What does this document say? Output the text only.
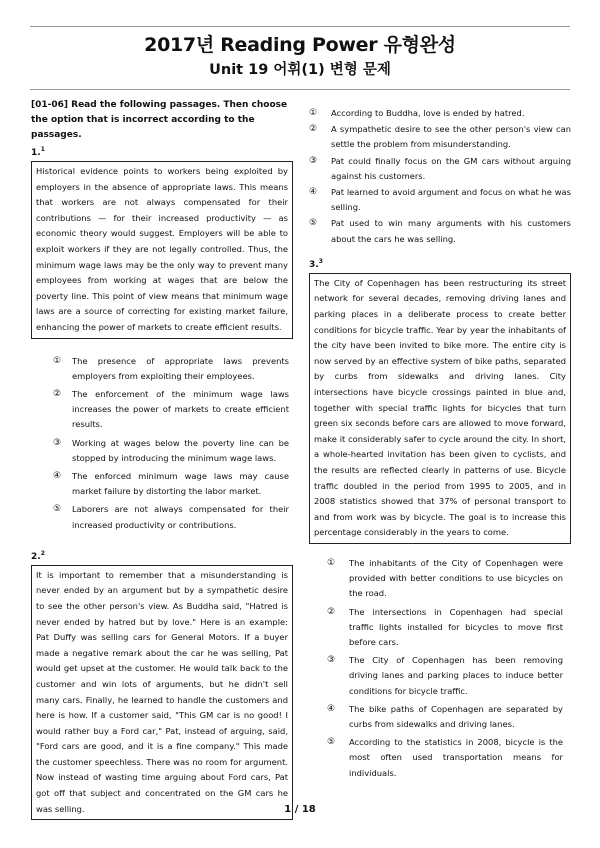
2017년 Reading Power 유형완성
Unit 19 어휘(1) 변형 문제
[01-06] Read the following passages. Then choose the option that is incorrect according to the passages.
1.$^1$
Historical evidence points to workers being exploited by employers in the absence of appropriate laws. This means that workers are not always compensated for their contributions — for their increased productivity — as economic theory would suggest. Employers will be able to exploit workers if they are not legally controlled. Thus, the minimum wage laws may be the only way to prevent many employees from working at wages that are below the poverty line. This point of view means that minimum wage laws are a source of correcting for existing market failure, enhancing the power of markets to create efficient results.
①	The presence of appropriate laws prevents employers from exploiting their employees.
②	The enforcement of the minimum wage laws increases the power of markets to create efficient results.
③	Working at wages below the poverty line can be stopped by introducing the minimum wage laws.
④	The enforced minimum wage laws may cause market failure by distorting the labor market.
⑤	Laborers are not always compensated for their increased productivity or contributions.
2.$^2$
It is important to remember that a misunderstanding is never ended by an argument but by a sympathetic desire to see the other person's view. As Buddha said, "Hatred is never ended by hatred but by love." Here is an example: Pat Duffy was selling cars for General Motors. If a buyer made a negative remark about the car he was selling, Pat would get upset at the customer. He would talk back to the customer and win lots of arguments, but he didn't sell many cars. Finally, he learned to handle the customers and here is how. If a customer said, "This GM car is no good! I would rather buy a Ford car," Pat, instead of arguing, said, "Ford cars are good, and it is a fine company." This made the customer speechless. There was no room for argument. Now instead of wasting time arguing about Ford cars, Pat got off that subject and concentrated on the GM cars he was selling.
①	According to Buddha, love is ended by hatred.
②	A sympathetic desire to see the other person's view can settle the problem from misunderstanding.
③	Pat could finally focus on the GM cars without arguing against his customers.
④	Pat learned to avoid argument and focus on what he was selling.
⑤	Pat used to win many arguments with his customers about the cars he was selling.
3.$^3$
The City of Copenhagen has been restructuring its street network for several decades, removing driving lanes and parking places in a deliberate process to create better conditions for bicycle traffic. Year by year the inhabitants of the city have been invited to bike more. The entire city is now served by an effective system of bike paths, separated by curbs from sidewalks and driving lanes. City intersections have bicycle crossings painted in blue and, together with special traffic lights for bicycles that turn green six seconds before cars are allowed to move forward, make it considerably safer to cycle around the city. In short, a whole-hearted invitation has been given to cyclists, and the results are reflected clearly in patterns of use. Bicycle traffic doubled in the period from 1995 to 2005, and in 2008 statistics showed that 37% of personal transport to and from work was by bicycle. The goal is to increase this percentage considerably in the years to come.
①	The inhabitants of the City of Copenhagen were provided with better conditions to use bicycles on the road.
②	The intersections in Copenhagen had special traffic lights installed for bicycles to move first before cars.
③	The City of Copenhagen has been removing driving lanes and parking places to induce better conditions for bicycle traffic.
④	The bike paths of Copenhagen are separated by curbs from sidewalks and driving lanes.
⑤	According to the statistics in 2008, bicycle is the most often used transportation means for individuals.
1 / 18
